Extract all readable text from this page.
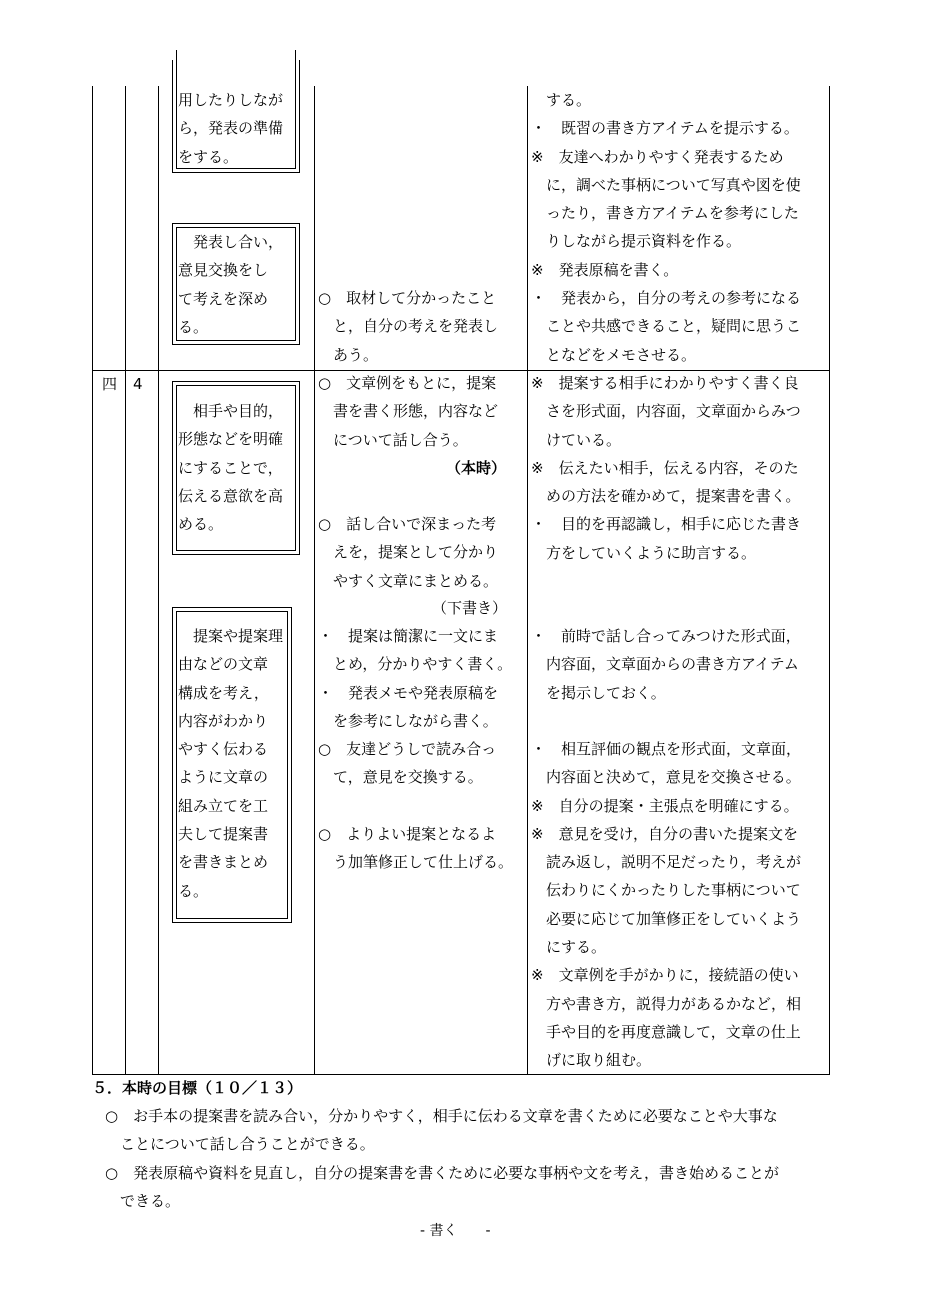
用したりしなが
ら，発表の準備
をする。
　発表し合い，
意見交換をし
て考えを深め
る。
○　取材して分かったこと
　と，自分の考えを発表し
　あう。
　する。
・　既習の書き方アイテムを提示する。
※　友達へわかりやすく発表するため
　に，調べた事柄について写真や図を使
　ったり，書き方アイテムを参考にした
　りしながら提示資料を作る。
※　発表原稿を書く。
・　発表から，自分の考えの参考になる
　ことや共感できること，疑問に思うこ
　となどをメモさせる。
四 4
　相手や目的，
形態などを明確
にすることで，
伝える意欲を高
める。
　提案や提案理
由などの文章
構成を考え，
内容がわかり
やすく伝わる
ように文章の
組み立てを工
夫して提案書
を書きまとめ
る。
○　文章例をもとに，提案
　書を書く形態，内容など
　について話し合う。
（本時）
○　話し合いで深まった考
　えを，提案として分かり
　やすく文章にまとめる。
（下書き）
・　提案は簡潔に一文にま
　とめ，分かりやすく書く。
・　発表メモや発表原稿を
　を参考にしながら書く。
○　友達どうしで読み合っ
　て，意見を交換する。
○　よりよい提案となるよ
　う加筆修正して仕上げる。
※　提案する相手にわかりやすく書く良
　さを形式面，内容面，文章面からみつ
　けている。
※　伝えたい相手，伝える内容，そのた
　めの方法を確かめて，提案書を書く。
・　目的を再認識し，相手に応じた書き
　方をしていくように助言する。
・　前時で話し合ってみつけた形式面，
　内容面，文章面からの書き方アイテム
　を掲示しておく。
・　相互評価の観点を形式面，文章面，
　内容面と決めて，意見を交換させる。
※　自分の提案・主張点を明確にする。
※　意見を受け，自分の書いた提案文を
　読み返し，説明不足だったり，考えが
　伝わりにくかったりした事柄について
　必要に応じて加筆修正をしていくよう
　にする。
※　文章例を手がかりに，接続語の使い
　方や書き方，説得力があるかなど，相
　手や目的を再度意識して，文章の仕上
　げに取り組む。
５．本時の目標（１０／１３）
○　お手本の提案書を読み合い，分かりやすく，相手に伝わる文章を書くために必要なことや大事な
　ことについて話し合うことができる。
○　発表原稿や資料を見直し，自分の提案書を書くために必要な事柄や文を考え，書き始めることが
　できる。
- 書く　　-
